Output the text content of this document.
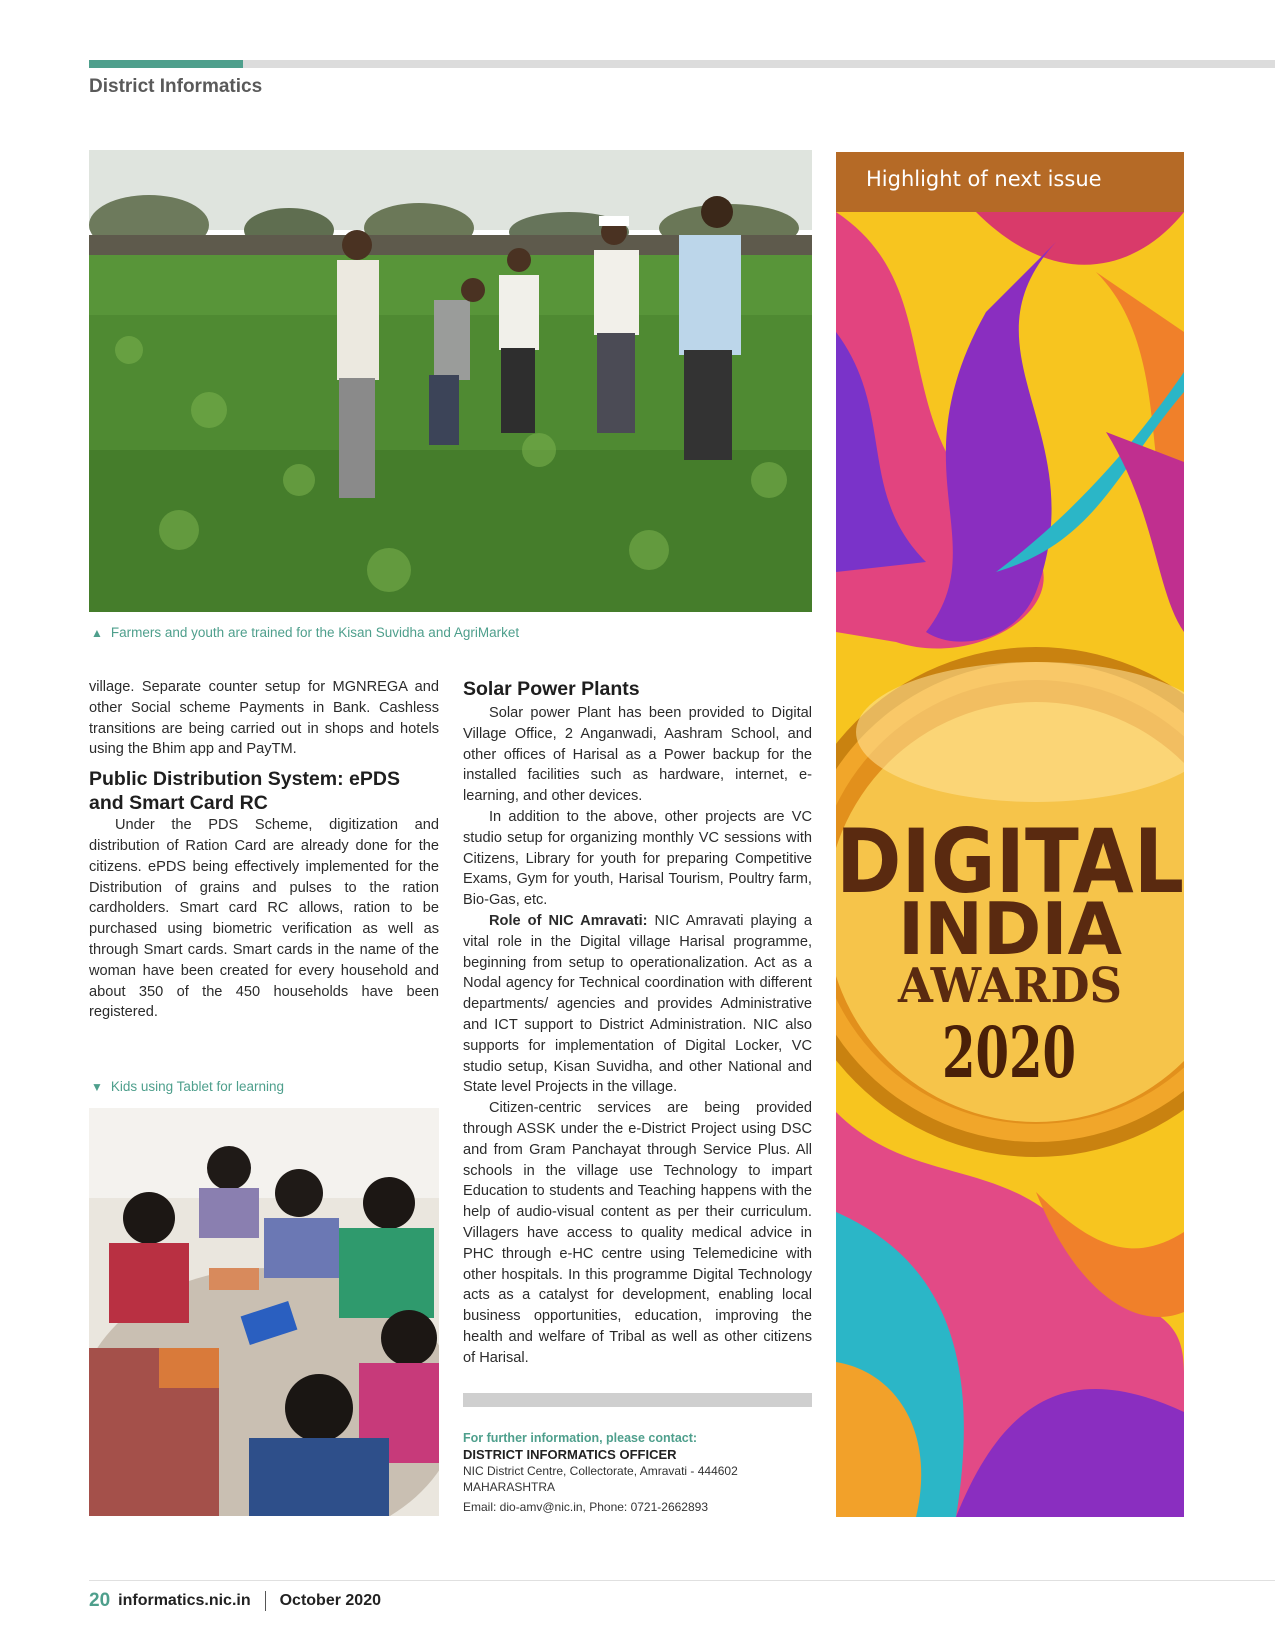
District Informatics
▲ Farmers and youth are trained for the Kisan Suvidha and AgriMarket

village. Separate counter setup for MGNREGA and other Social scheme Payments in Bank. Cashless transitions are being carried out in shops and hotels using the Bhim app and PayTM.

Public Distribution System: ePDS and Smart Card RC

Under the PDS Scheme, digitization and distribution of Ration Card are already done for the citizens. ePDS being effectively implemented for the Distribution of grains and pulses to the ration cardholders. Smart card RC allows, ration to be purchased using biometric verification as well as through Smart cards. Smart cards in the name of the woman have been created for every household and about 350 of the 450 households have been registered.

▼ Kids using Tablet for learning
Solar Power Plants

Solar power Plant has been provided to Digital Village Office, 2 Anganwadi, Aashram School, and other offices of Harisal as a Power backup for the installed facilities such as hardware, internet, e-learning, and other devices.

In addition to the above, other projects are VC studio setup for organizing monthly VC sessions with Citizens, Library for youth for preparing Competitive Exams, Gym for youth, Harisal Tourism, Poultry farm, Bio-Gas, etc.

Role of NIC Amravati: NIC Amravati playing a vital role in the Digital village Harisal programme, beginning from setup to operationalization. Act as a Nodal agency for Technical coordination with different departments/ agencies and provides Administrative and ICT support to District Administration. NIC also supports for implementation of Digital Locker, VC studio setup, Kisan Suvidha, and other National and State level Projects in the village.

Citizen-centric services are being provided through ASSK under the e-District Project using DSC and from Gram Panchayat through Service Plus. All schools in the village use Technology to impart Education to students and Teaching happens with the help of audio-visual content as per their curriculum. Villagers have access to quality medical advice in PHC through e-HC centre using Telemedicine with other hospitals. In this programme Digital Technology acts as a catalyst for development, enabling local business opportunities, education, improving the health and welfare of Tribal as well as other citizens of Harisal.

For further information, please contact:
DISTRICT INFORMATICS OFFICER
NIC District Centre, Collectorate, Amravati - 444602
MAHARASHTRA
Email: dio-amv@nic.in, Phone: 0721-2662893
Highlight of next issue
DIGITAL
INDIA
AWARDS
2020
20 informatics.nic.in October 2020
